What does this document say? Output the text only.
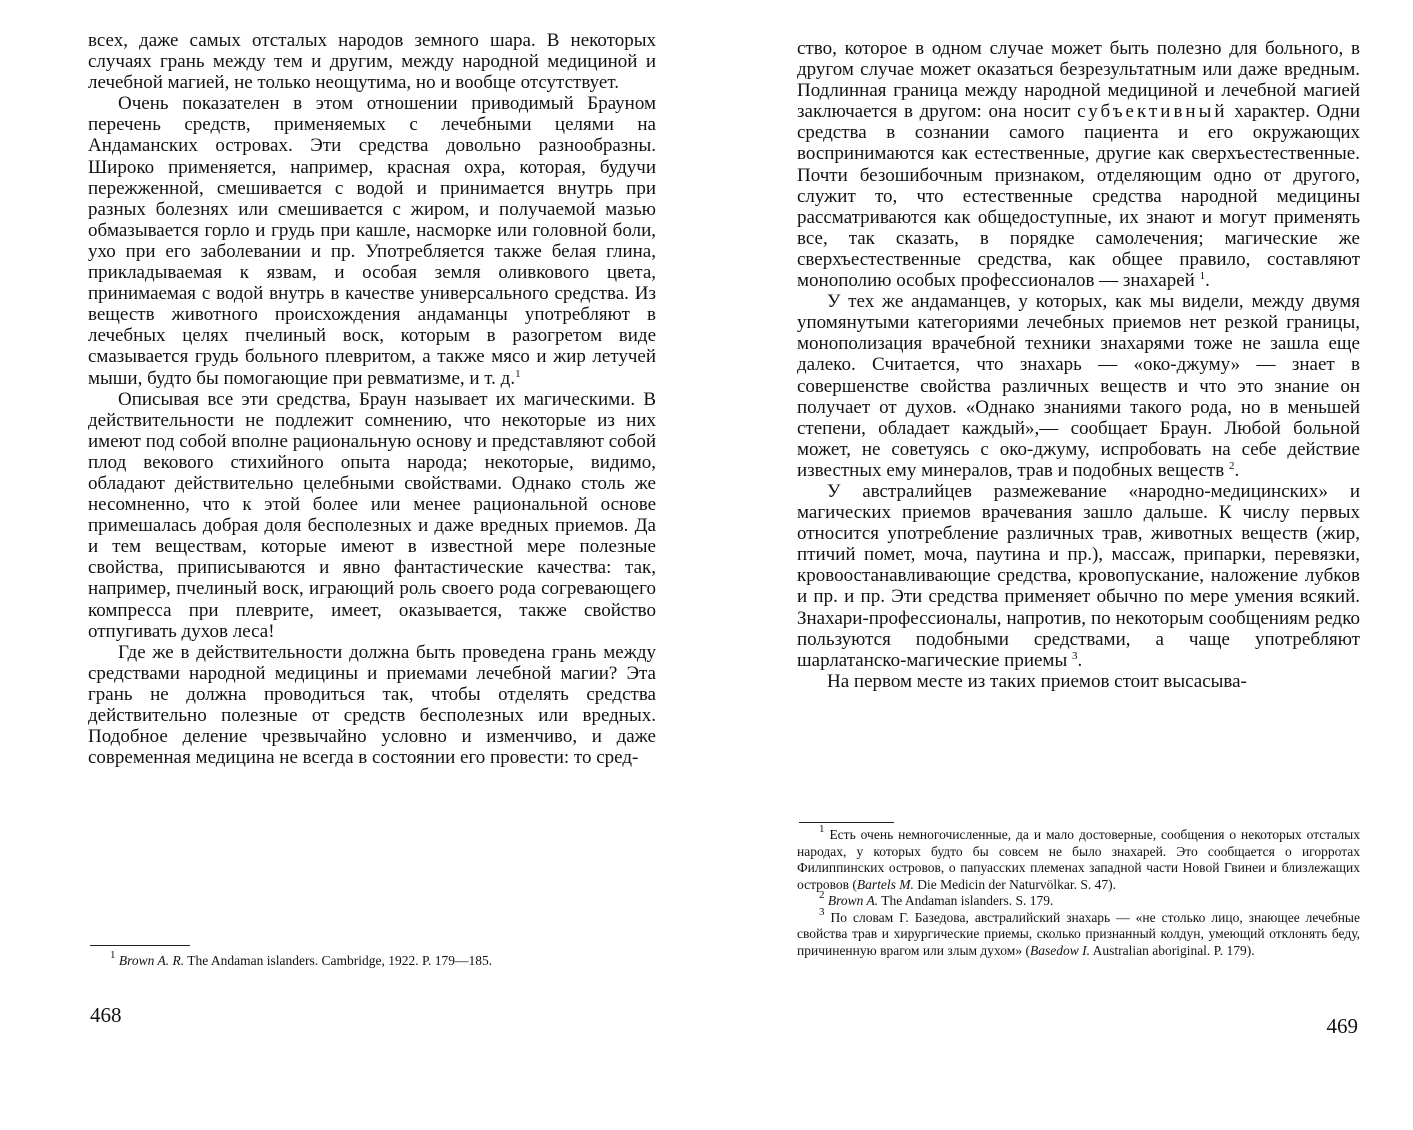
всех, даже самых отсталых народов земного шара. В некоторых случаях грань между тем и другим, между народной медициной и лечебной магией, не только неощутима, но и вообще отсутствует.

Очень показателен в этом отношении приводимый Брауном перечень средств, применяемых с лечебными целями на Андаманских островах. Эти средства довольно разнообразны. Широко применяется, например, красная охра, которая, будучи пережженной, смешивается с водой и принимается внутрь при разных болезнях или смешивается с жиром, и получаемой мазью обмазывается горло и грудь при кашле, насморке или головной боли, ухо при его заболевании и пр. Употребляется также белая глина, прикладываемая к язвам, и особая земля оливкового цвета, принимаемая с водой внутрь в качестве универсального средства. Из веществ животного происхождения андаманцы употребляют в лечебных целях пчелиный воск, которым в разогретом виде смазывается грудь больного плевритом, а также мясо и жир летучей мыши, будто бы помогающие при ревматизме, и т. д.$^1$

Описывая все эти средства, Браун называет их магическими. В действительности не подлежит сомнению, что некоторые из них имеют под собой вполне рациональную основу и представляют собой плод векового стихийного опыта народа; некоторые, видимо, обладают действительно целебными свойствами. Однако столь же несомненно, что к этой более или менее рациональной основе примешалась добрая доля бесполезных и даже вредных приемов. Да и тем веществам, которые имеют в известной мере полезные свойства, приписываются и явно фантастические качества: так, например, пчелиный воск, играющий роль своего рода согревающего компресса при плеврите, имеет, оказывается, также свойство отпугивать духов леса!

Где же в действительности должна быть проведена грань между средствами народной медицины и приемами лечебной магии? Эта грань не должна проводиться так, чтобы отделять средства действительно полезные от средств бесполезных или вредных. Подобное деление чрезвычайно условно и изменчиво, и даже современная медицина не всегда в состоянии его провести: то сред-

$^1$ Brown A. R. The Andaman islanders. Cambridge, 1922. P. 179—185.

468

ство, которое в одном случае может быть полезно для больного, в другом случае может оказаться безрезультатным или даже вредным. Подлинная граница между народной медициной и лечебной магией заключается в другом: она носит субъективный характер. Одни средства в сознании самого пациента и его окружающих воспринимаются как естественные, другие как сверхъестественные. Почти безошибочным признаком, отделяющим одно от другого, служит то, что естественные средства народной медицины рассматриваются как общедоступные, их знают и могут применять все, так сказать, в порядке самолечения; магические же сверхъестественные средства, как общее правило, составляют монополию особых профессионалов — знахарей $^1$.

У тех же андаманцев, у которых, как мы видели, между двумя упомянутыми категориями лечебных приемов нет резкой границы, монополизация врачебной техники знахарями тоже не зашла еще далеко. Считается, что знахарь — «око-джуму» — знает в совершенстве свойства различных веществ и что это знание он получает от духов. «Однако знаниями такого рода, но в меньшей степени, обладает каждый»,— сообщает Браун. Любой больной может, не советуясь с око-джуму, испробовать на себе действие известных ему минералов, трав и подобных веществ $^2$.

У австралийцев размежевание «народно-медицинских» и магических приемов врачевания зашло дальше. К числу первых относится употребление различных трав, животных веществ (жир, птичий помет, моча, паутина и пр.), массаж, припарки, перевязки, кровоостанавливающие средства, кровопускание, наложение лубков и пр. и пр. Эти средства применяет обычно по мере умения всякий. Знахари-профессионалы, напротив, по некоторым сообщениям редко пользуются подобными средствами, а чаще употребляют шарлатанско-магические приемы $^3$.

На первом месте из таких приемов стоит высасыва-

$^1$ Есть очень немногочисленные, да и мало достоверные, сообщения о некоторых отсталых народах, у которых будто бы совсем не было знахарей. Это сообщается о игорротах Филиппинских островов, о папуасских племенах западной части Новой Гвинеи и близлежащих островов (Bartels M. Die Medicin der Naturvölkar. S. 47).

$^2$ Brown A. The Andaman islanders. S. 179.

$^3$ По словам Г. Базедова, австралийский знахарь — «не столько лицо, знающее лечебные свойства трав и хирургические приемы, сколько признанный колдун, умеющий отклонять беду, причиненную врагом или злым духом» (Basedow I. Australian aboriginal. P. 179).

469
